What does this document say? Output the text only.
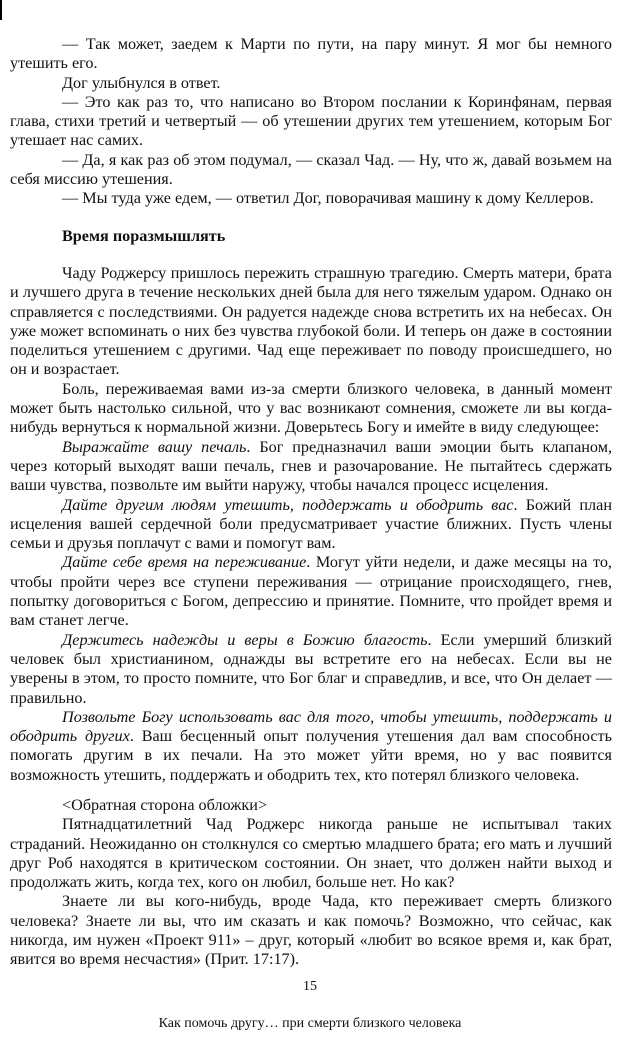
— Так может, заедем к Марти по пути, на пару минут. Я мог бы немного утешить его.

Дог улыбнулся в ответ.

— Это как раз то, что написано во Втором послании к Коринфянам, первая глава, стихи третий и четвертый — об утешении других тем утешением, которым Бог утешает нас самих.

— Да, я как раз об этом подумал, — сказал Чад. — Ну, что ж, давай возьмем на себя миссию утешения.

— Мы туда уже едем, — ответил Дог, поворачивая машину к дому Келлеров.

Время поразмышлять

Чаду Роджерсу пришлось пережить страшную трагедию. Смерть матери, брата и лучшего друга в течение нескольких дней была для него тяжелым ударом. Однако он справляется с последствиями. Он радуется надежде снова встретить их на небесах. Он уже может вспоминать о них без чувства глубокой боли. И теперь он даже в состоянии поделиться утешением с другими. Чад еще переживает по поводу происшедшего, но он и возрастает.

Боль, переживаемая вами из-за смерти близкого человека, в данный момент может быть настолько сильной, что у вас возникают сомнения, сможете ли вы когда-нибудь вернуться к нормальной жизни. Доверьтесь Богу и имейте в виду следующее:

Выражайте вашу печаль. Бог предназначил ваши эмоции быть клапаном, через который выходят ваши печаль, гнев и разочарование. Не пытайтесь сдержать ваши чувства, позвольте им выйти наружу, чтобы начался процесс исцеления.

Дайте другим людям утешить, поддержать и ободрить вас. Божий план исцеления вашей сердечной боли предусматривает участие ближних. Пусть члены семьи и друзья поплачут с вами и помогут вам.

Дайте себе время на переживание. Могут уйти недели, и даже месяцы на то, чтобы пройти через все ступени переживания — отрицание происходящего, гнев, попытку договориться с Богом, депрессию и принятие. Помните, что пройдет время и вам станет легче.

Держитесь надежды и веры в Божию благость. Если умерший близкий человек был христианином, однажды вы встретите его на небесах. Если вы не уверены в этом, то просто помните, что Бог благ и справедлив, и все, что Он делает — правильно.

Позвольте Богу использовать вас для того, чтобы утешить, поддержать и ободрить других. Ваш бесценный опыт получения утешения дал вам способность помогать другим в их печали. На это может уйти время, но у вас появится возможность утешить, поддержать и ободрить тех, кто потерял близкого человека.

<Обратная сторона обложки>

Пятнадцатилетний Чад Роджерс никогда раньше не испытывал таких страданий. Неожиданно он столкнулся со смертью младшего брата; его мать и лучший друг Роб находятся в критическом состоянии. Он знает, что должен найти выход и продолжать жить, когда тех, кого он любил, больше нет. Но как?

Знаете ли вы кого-нибудь, вроде Чада, кто переживает смерть близкого человека? Знаете ли вы, что им сказать и как помочь? Возможно, что сейчас, как никогда, им нужен «Проект 911» – друг, который «любит во всякое время и, как брат, явится во время несчастия» (Прит. 17:17).

15
Как помочь другу… при смерти близкого человека
